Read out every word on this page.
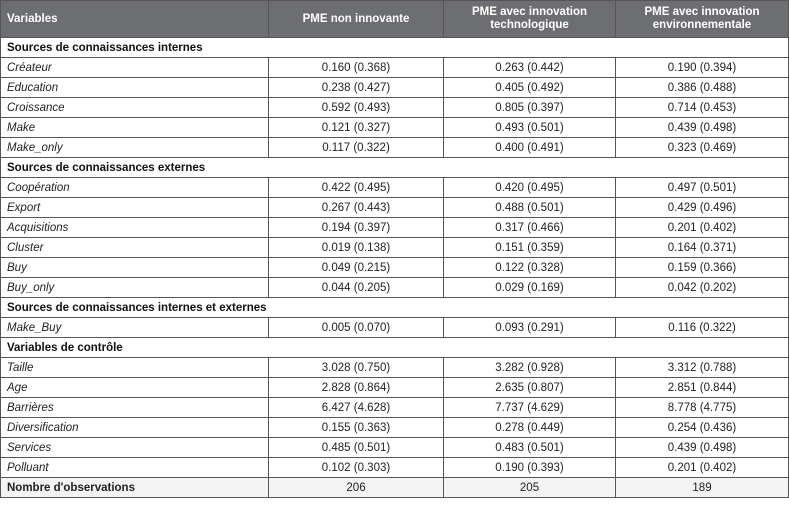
Variables	PME non innovante	PME avec innovation technologique	PME avec innovation environnementale
Sources de connaissances internes			
Créateur	0.160 (0.368)	0.263 (0.442)	0.190 (0.394)
Education	0.238 (0.427)	0.405 (0.492)	0.386 (0.488)
Croissance	0.592 (0.493)	0.805 (0.397)	0.714 (0.453)
Make	0.121 (0.327)	0.493 (0.501)	0.439 (0.498)
Make_only	0.117 (0.322)	0.400 (0.491)	0.323 (0.469)
Sources de connaissances externes			
Coopération	0.422 (0.495)	0.420 (0.495)	0.497 (0.501)
Export	0.267 (0.443)	0.488 (0.501)	0.429 (0.496)
Acquisitions	0.194 (0.397)	0.317 (0.466)	0.201 (0.402)
Cluster	0.019 (0.138)	0.151 (0.359)	0.164 (0.371)
Buy	0.049 (0.215)	0.122 (0.328)	0.159 (0.366)
Buy_only	0.044 (0.205)	0.029 (0.169)	0.042 (0.202)
Sources de connaissances internes et externes			
Make_Buy	0.005 (0.070)	0.093 (0.291)	0.116 (0.322)
Variables de contrôle			
Taille	3.028 (0.750)	3.282 (0.928)	3.312 (0.788)
Age	2.828 (0.864)	2.635 (0.807)	2.851 (0.844)
Barrières	6.427 (4.628)	7.737 (4.629)	8.778 (4.775)
Diversification	0.155 (0.363)	0.278 (0.449)	0.254 (0.436)
Services	0.485 (0.501)	0.483 (0.501)	0.439 (0.498)
Polluant	0.102 (0.303)	0.190 (0.393)	0.201 (0.402)
Nombre d'observations	206	205	189
